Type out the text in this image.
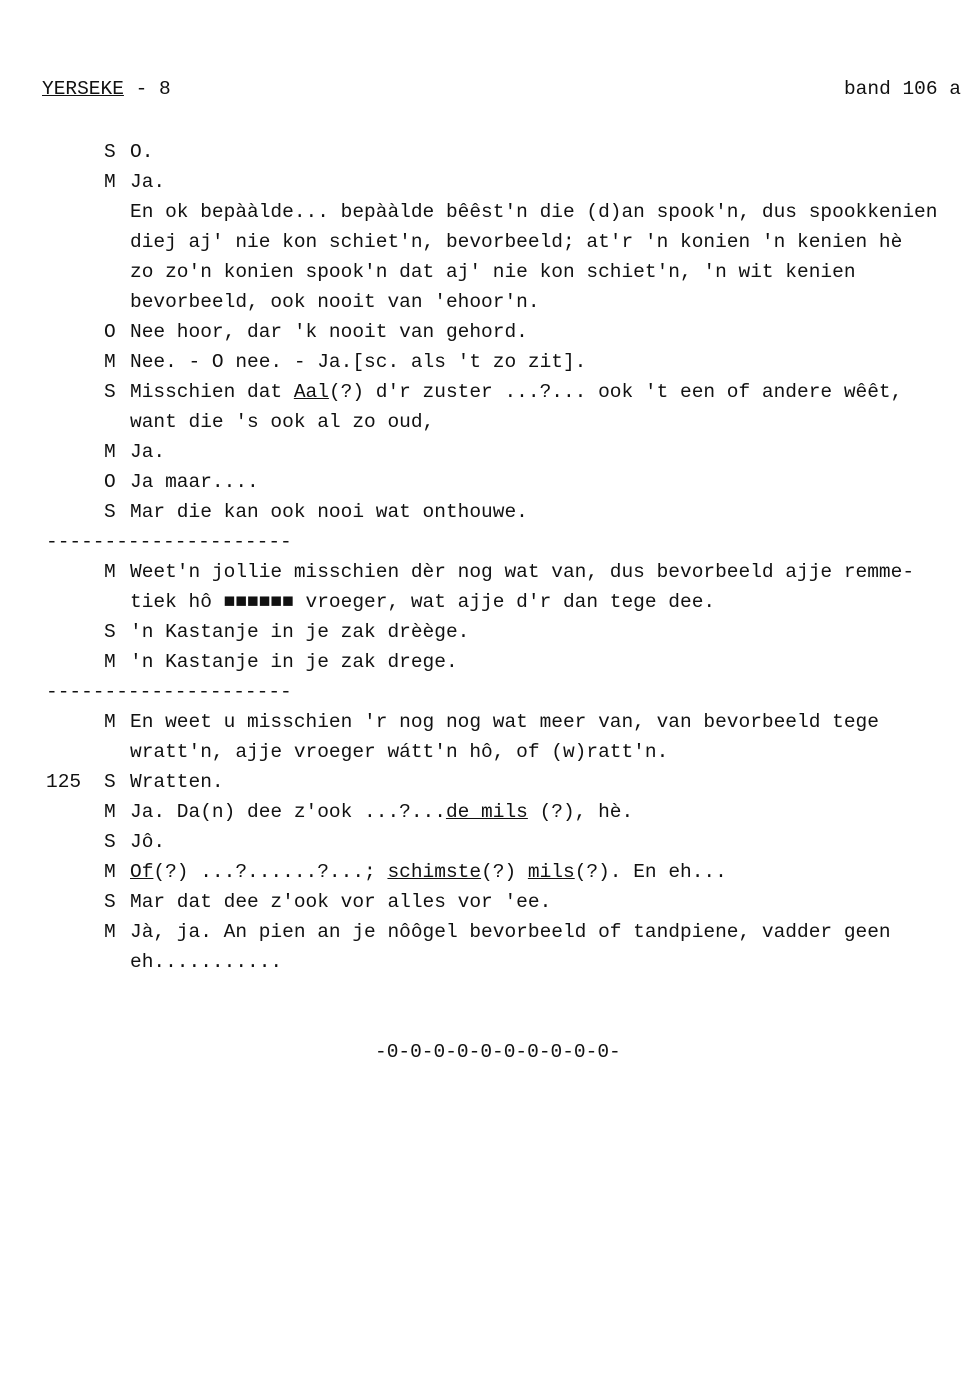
YERSEKE - 8	band 106 a
S O.
M Ja.
En ok bepààlde... bepààlde bêêst'n die (d)an spook'n, dus spookkenien
diej aj' nie kon schiet'n, bevorbeeld; at'r 'n konien 'n kenien hè
zo zo'n konien spook'n dat aj' nie kon schiet'n, 'n wit kenien
bevorbeeld, ook nooit van 'ehoor'n.
O Nee hoor, dar 'k nooit van gehord.
M Nee. - O nee. - Ja.[sc. als 't zo zit].
S Misschien dat Aal(?) d'r zuster ...?... ook 't een of andere wêêt,
want die 's ook al zo oud,
M Ja.
O Ja maar....
S Mar die kan ook nooi wat onthouwe.
---------------------
M Weet'n jollie misschien dèr nog wat van, dus bevorbeeld ajje remme-
tiek hô ■■■■■■ vroeger, wat ajje d'r dan tege dee.
S 'n Kastanje in je zak drèège.
M 'n Kastanje in je zak drege.
---------------------
M En weet u misschien 'r nog nog wat meer van, van bevorbeeld tege
wratt'n, ajje vroeger wátt'n hô, of (w)ratt'n.
125 S Wratten.
M Ja. Da(n) dee z'ook ...?...de mils (?), hè.
S Jô.
M Of(?) ...?......?...; schimste(?) mils(?). En eh...
S Mar dat dee z'ook vor alles vor 'ee.
M Jà, ja. An pien an je nôôgel bevorbeeld of tandpiene, vadder geen
eh...........
-0-0-0-0-0-0-0-0-0-0-
